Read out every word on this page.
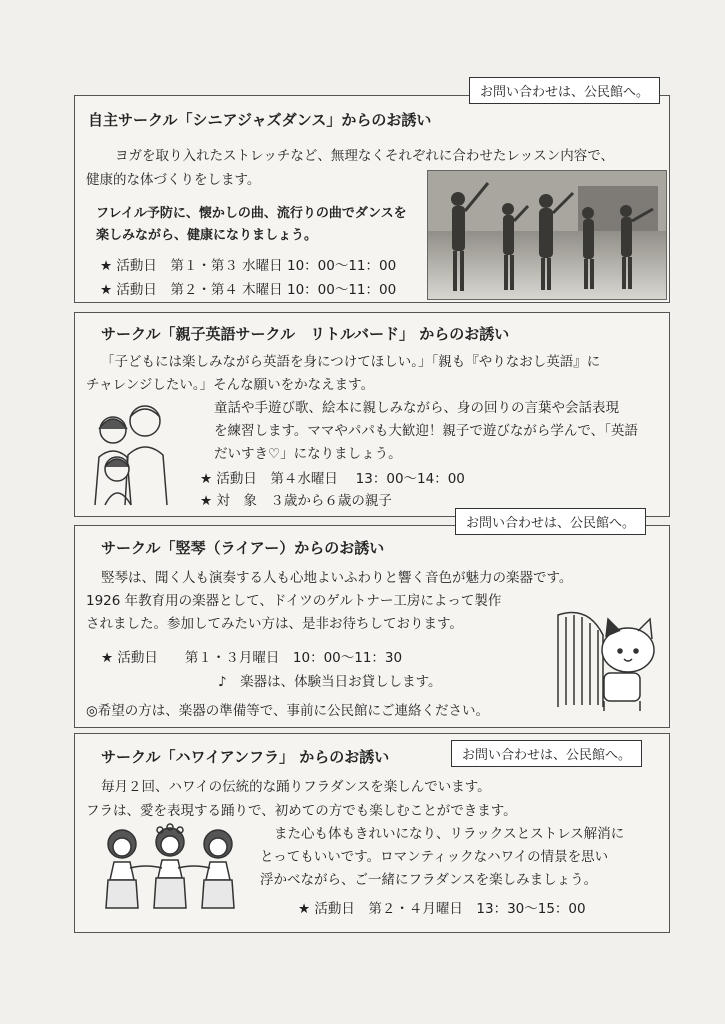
お問い合わせは、公民館へ。
自主サークル「シニアジャズダンス」からのお誘い
ヨガを取り入れたストレッチなど、無理なくそれぞれに合わせたレッスン内容で、
健康的な体づくりをします。
フレイル予防に、懐かしの曲、流行りの曲でダンスを
楽しみながら、健康になりましょう。
★ 活動日　第１・第３ 水曜日 10：00～11：00
★ 活動日　第２・第４ 木曜日 10：00～11：00
サークル「親子英語サークル　リトルバード」 からのお誘い
「子どもには楽しみながら英語を身につけてほしい。」「親も『やりなおし英語』に
チャレンジしたい。」そんな願いをかなえます。
童話や手遊び歌、絵本に親しみながら、身の回りの言葉や会話表現
を練習します。ママやパパも大歓迎！親子で遊びながら学んで、「英語
だいすき♡」になりましょう。
★ 活動日　第４水曜日　 13：00～14：00
★ 対　象　３歳から６歳の親子
お問い合わせは、公民館へ。
サークル「竪琴（ライアー）からのお誘い
竪琴は、聞く人も演奏する人も心地よいふわりと響く音色が魅力の楽器です。
1926 年教育用の楽器として、ドイツのゲルトナー工房によって製作
されました。参加してみたい方は、是非お待ちしております。
★ 活動日　　第１・３月曜日　10：00～11：30
♪　楽器は、体験当日お貸しします。
◎希望の方は、楽器の準備等で、事前に公民館にご連絡ください。
お問い合わせは、公民館へ。
サークル「ハワイアンフラ」 からのお誘い
毎月２回、ハワイの伝統的な踊りフラダンスを楽しんでいます。
フラは、愛を表現する踊りで、初めての方でも楽しむことができます。
また心も体もきれいになり、リラックスとストレス解消に
とってもいいです。ロマンティックなハワイの情景を思い
浮かべながら、ご一緒にフラダンスを楽しみましょう。
★ 活動日　第２・４月曜日　13：30～15：00
